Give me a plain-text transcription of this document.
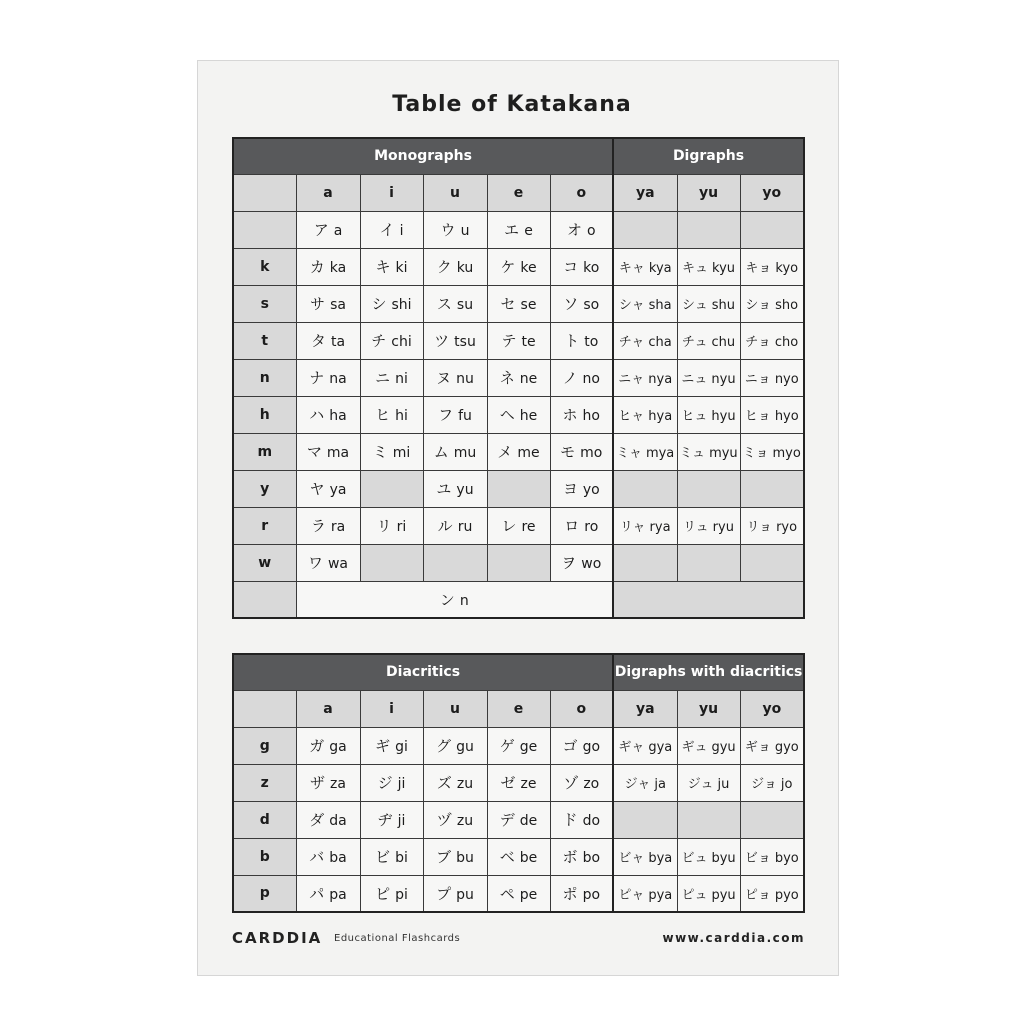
Table of Katakana
Monographs						Digraphs		
	a	i	u	e	o	ya	yu	yo
	ア a	イ i	ウ u	エ e	オ o			
k	カ ka	キ ki	ク ku	ケ ke	コ ko	キャ kya	キュ kyu	キョ kyo
s	サ sa	シ shi	ス su	セ se	ソ so	シャ sha	シュ shu	ショ sho
t	タ ta	チ chi	ツ tsu	テ te	ト to	チャ cha	チュ chu	チョ cho
n	ナ na	ニ ni	ヌ nu	ネ ne	ノ no	ニャ nya	ニュ nyu	ニョ nyo
h	ハ ha	ヒ hi	フ fu	ヘ he	ホ ho	ヒャ hya	ヒュ hyu	ヒョ hyo
m	マ ma	ミ mi	ム mu	メ me	モ mo	ミャ mya	ミュ myu	ミョ myo
y	ヤ ya		ユ yu		ヨ yo			
r	ラ ra	リ ri	ル ru	レ re	ロ ro	リャ rya	リュ ryu	リョ ryo
w	ワ wa				ヲ wo			
	ン n							
Diacritics						Digraphs with diacritics		
	a	i	u	e	o	ya	yu	yo
g	ガ ga	ギ gi	グ gu	ゲ ge	ゴ go	ギャ gya	ギュ gyu	ギョ gyo
z	ザ za	ジ ji	ズ zu	ゼ ze	ゾ zo	ジャ ja	ジュ ju	ジョ jo
d	ダ da	ヂ ji	ヅ zu	デ de	ド do			
b	バ ba	ビ bi	ブ bu	ベ be	ボ bo	ビャ bya	ビュ byu	ビョ byo
p	パ pa	ピ pi	プ pu	ペ pe	ポ po	ピャ pya	ピュ pyu	ピョ pyo
CARDDIA Educational Flashcards	www.carddia.com
